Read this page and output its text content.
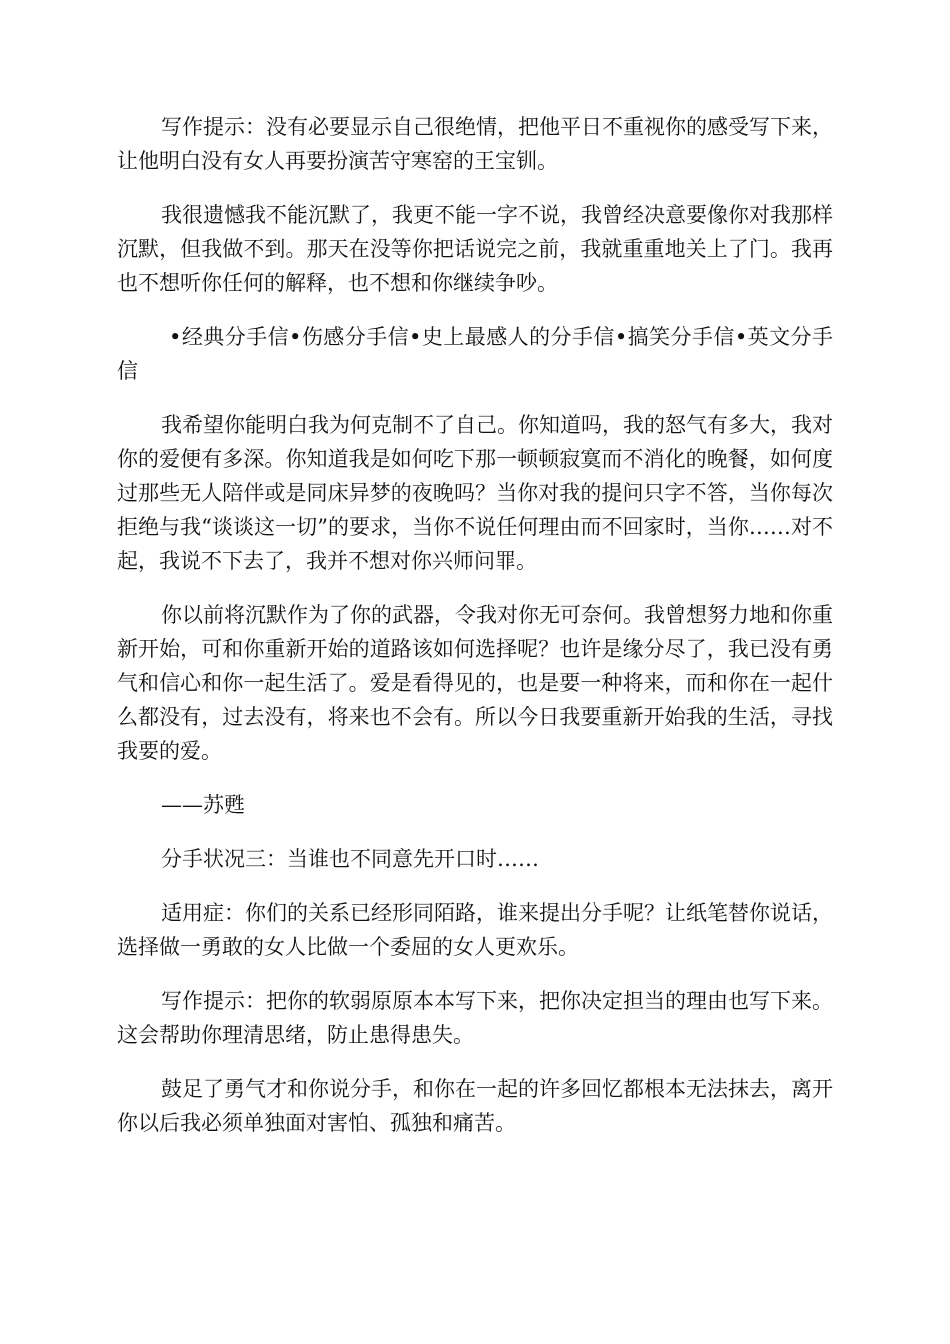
写作提示：没有必要显示自己很绝情，把他平日不重视你的感受写下来，让他明白没有女人再要扮演苦守寒窑的王宝钏。

我很遗憾我不能沉默了，我更不能一字不说，我曾经决意要像你对我那样沉默，但我做不到。那天在没等你把话说完之前，我就重重地关上了门。我再也不想听你任何的解释，也不想和你继续争吵。

•经典分手信•伤感分手信•史上最感人的分手信•搞笑分手信•英文分手信

我希望你能明白我为何克制不了自己。你知道吗，我的怒气有多大，我对你的爱便有多深。你知道我是如何吃下那一顿顿寂寞而不消化的晚餐，如何度过那些无人陪伴或是同床异梦的夜晚吗？当你对我的提问只字不答，当你每次拒绝与我“谈谈这一切”的要求，当你不说任何理由而不回家时，当你……对不起，我说不下去了，我并不想对你兴师问罪。

你以前将沉默作为了你的武器，令我对你无可奈何。我曾想努力地和你重新开始，可和你重新开始的道路该如何选择呢？也许是缘分尽了，我已没有勇气和信心和你一起生活了。爱是看得见的，也是要一种将来，而和你在一起什么都没有，过去没有，将来也不会有。所以今日我要重新开始我的生活，寻找我要的爱。

——苏甦

分手状况三：当谁也不同意先开口时……

适用症：你们的关系已经形同陌路，谁来提出分手呢？让纸笔替你说话，选择做一勇敢的女人比做一个委屈的女人更欢乐。

写作提示：把你的软弱原原本本写下来，把你决定担当的理由也写下来。这会帮助你理清思绪，防止患得患失。

鼓足了勇气才和你说分手，和你在一起的许多回忆都根本无法抹去，离开你以后我必须单独面对害怕、孤独和痛苦。
